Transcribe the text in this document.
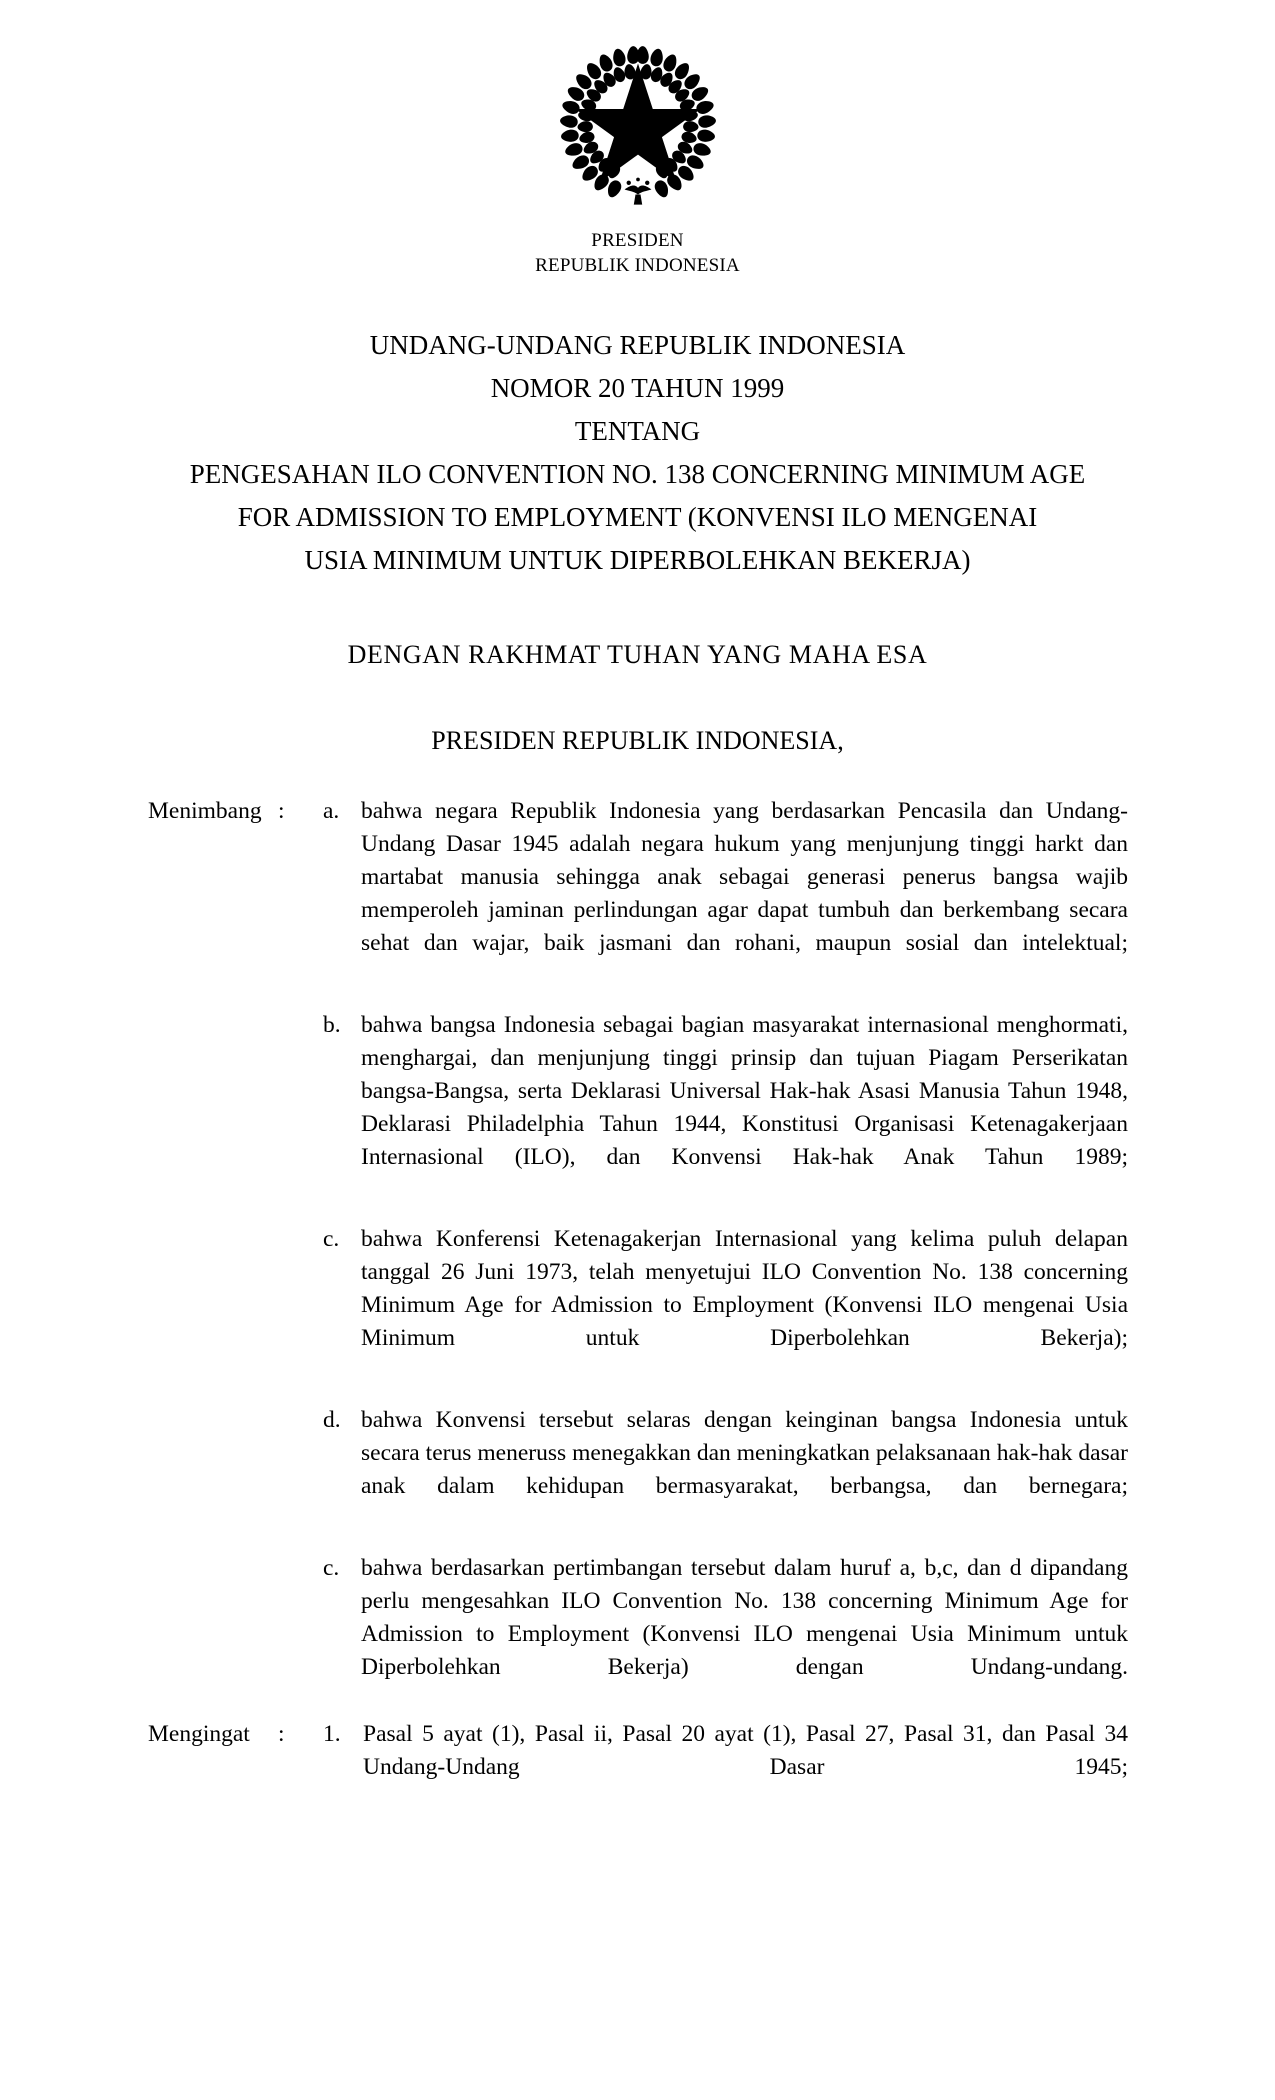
PRESIDEN
REPUBLIK INDONESIA
UNDANG-UNDANG REPUBLIK INDONESIA
NOMOR 20 TAHUN 1999
TENTANG
PENGESAHAN ILO CONVENTION NO. 138 CONCERNING MINIMUM AGE
FOR ADMISSION TO EMPLOYMENT (KONVENSI ILO MENGENAI
USIA MINIMUM UNTUK DIPERBOLEHKAN BEKERJA)
DENGAN RAKHMAT TUHAN YANG MAHA ESA
PRESIDEN REPUBLIK INDONESIA,
Menimbang :	a. bahwa negara Republik Indonesia yang berdasarkan Pencasila dan Undang-Undang Dasar 1945 adalah negara hukum yang menjunjung tinggi harkt dan martabat manusia sehingga anak sebagai generasi penerus bangsa wajib memperoleh jaminan perlindungan agar dapat tumbuh dan berkembang secara sehat dan wajar, baik jasmani dan rohani, maupun sosial dan intelektual;
b. bahwa bangsa Indonesia sebagai bagian masyarakat internasional menghormati, menghargai, dan menjunjung tinggi prinsip dan tujuan Piagam Perserikatan bangsa-Bangsa, serta Deklarasi Universal Hak-hak Asasi Manusia Tahun 1948, Deklarasi Philadelphia Tahun 1944, Konstitusi Organisasi Ketenagakerjaan Internasional (ILO), dan Konvensi Hak-hak Anak Tahun 1989;
c. bahwa Konferensi Ketenagakerjan Internasional yang kelima puluh delapan tanggal 26 Juni 1973, telah menyetujui ILO Convention No. 138 concerning Minimum Age for Admission to Employment (Konvensi ILO mengenai Usia Minimum untuk Diperbolehkan Bekerja);
d. bahwa Konvensi tersebut selaras dengan keinginan bangsa Indonesia untuk secara terus meneruss menegakkan dan meningkatkan pelaksanaan hak-hak dasar anak dalam kehidupan bermasyarakat, berbangsa, dan bernegara;
c. bahwa berdasarkan pertimbangan tersebut dalam huruf a, b,c, dan d dipandang perlu mengesahkan ILO Convention No. 138 concerning Minimum Age for Admission to Employment (Konvensi ILO mengenai Usia Minimum untuk Diperbolehkan Bekerja) dengan Undang-undang.
Mengingat	:	1. Pasal 5 ayat (1), Pasal ii, Pasal 20 ayat (1), Pasal 27, Pasal 31, dan Pasal 34 Undang-Undang Dasar 1945;
